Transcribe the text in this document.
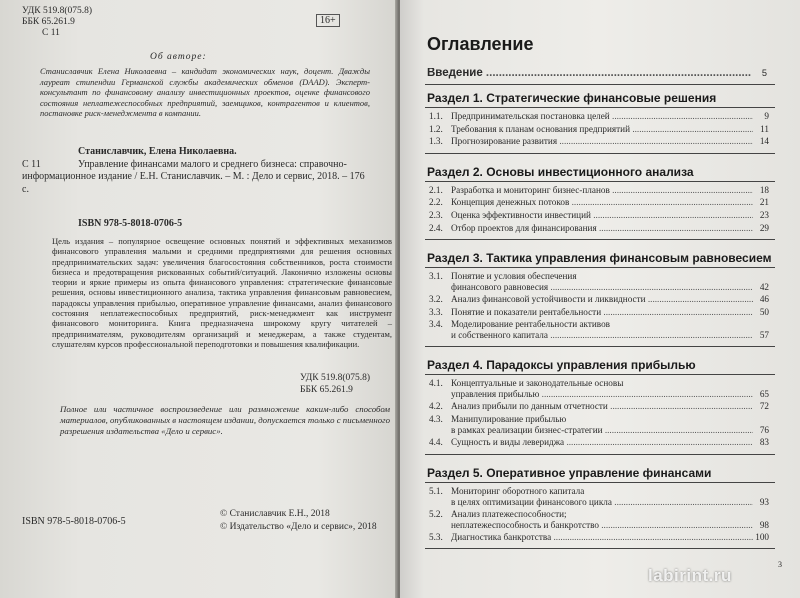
УДК 519.8(075.8)
ББК 65.261.9
С 11
16+
Об авторе:
Станиславчик Елена Николаевна – кандидат экономических наук, доцент. Дважды лауреат стипендии Германской службы академических обменов (DAAD). Эксперт-консультант по финансовому анализу инвестиционных проектов, оценке финансового состояния неплатежеспособных предприятий, заемщиков, контрагентов и клиентов, постановке риск-менеджмента в компании.
Станиславчик, Елена Николаевна.
С 11	Управление финансами малого и среднего бизнеса: справочно-информационное издание / Е.Н. Станиславчик. – М. : Дело и сервис, 2018. – 176 с.
ISBN 978-5-8018-0706-5
Цель издания – популярное освещение основных понятий и эффективных механизмов финансового управления малыми и средними предприятиями для решения основных предпринимательских задач: увеличения благосостояния собственников, роста стоимости бизнеса и предотвращения рискованных событий/ситуаций. Лаконично изложены основы теории и яркие примеры из опыта финансового управления: стратегические финансовые решения, основы инвестиционного анализа, тактика управления финансовым равновесием, парадоксы управления прибылью, оперативное управление финансами, анализ финансового состояния неплатежеспособных предприятий, риск-менеджмент как инструмент финансового мониторинга. Книга предназначена широкому кругу читателей – предпринимателям, руководителям организаций и менеджерам, а также студентам, слушателям курсов профессиональной переподготовки и повышения квалификации.
УДК 519.8(075.8)
ББК 65.261.9
Полное или частичное воспроизведение или размножение каким-либо способом материалов, опубликованных в настоящем издании, допускается только с письменного разрешения издательства «Дело и сервис».
ISBN 978-5-8018-0706-5
© Станиславчик Е.Н., 2018
© Издательство «Дело и сервис», 2018
Оглавление
Введение .....	5
Раздел 1. Стратегические финансовые решения
1.1. Предпринимательская постановка целей .....	9
1.2. Требования к планам основания предприятий .....	11
1.3. Прогнозирование развития .....	14
Раздел 2. Основы инвестиционного анализа
2.1. Разработка и мониторинг бизнес-планов .....	18
2.2. Концепция денежных потоков .....	21
2.3. Оценка эффективности инвестиций .....	23
2.4. Отбор проектов для финансирования .....	29
Раздел 3. Тактика управления финансовым равновесием
3.1. Понятие и условия обеспечения
финансового равновесия .....	42
3.2. Анализ финансовой устойчивости и ликвидности .....	46
3.3. Понятие и показатели рентабельности .....	50
3.4. Моделирование рентабельности активов
и собственного капитала .....	57
Раздел 4. Парадоксы управления прибылью
4.1. Концептуальные и законодательные основы
управления прибылью .....	65
4.2. Анализ прибыли по данным отчетности .....	72
4.3. Манипулирование прибылью
в рамках реализации бизнес-стратегии .....	76
4.4. Сущность и виды левериджа .....	83
Раздел 5. Оперативное управление финансами
5.1. Мониторинг оборотного капитала
в целях оптимизации финансового цикла .....	93
5.2. Анализ платежеспособности;
неплатежеспособность и банкротство .....	98
5.3. Диагностика банкротства .....	100
3
labirint.ru
